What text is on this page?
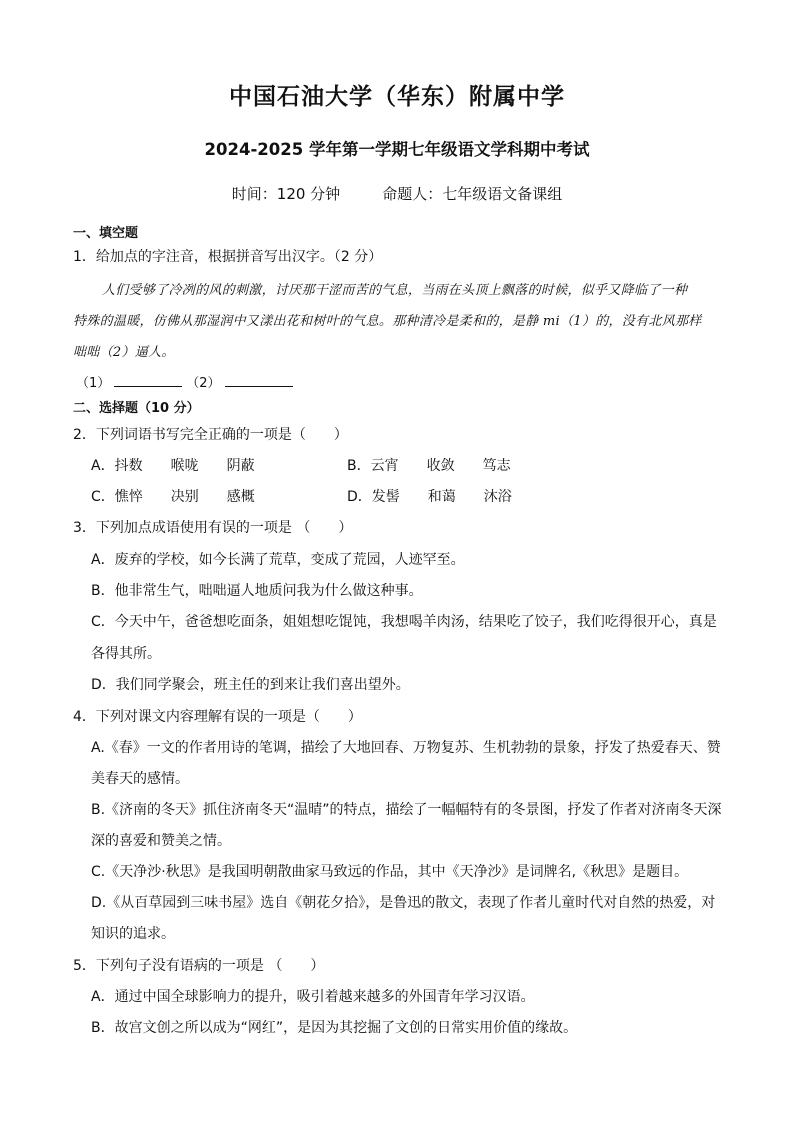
中国石油大学（华东）附属中学
2024-2025 学年第一学期七年级语文学科期中考试
时间：120 分钟	命题人：七年级语文备课组
一、填空题
1．给加点的字注音，根据拼音写出汉字。（2 分）
人们受够了冷冽的风的刺激，讨厌那干涩而苦的气息，当雨在头顶上飘落的时候，似乎又降临了一种
特殊的温暖，仿佛从那湿润中又漾出花和树叶的气息。那种清冷是柔和的，是静 mi（1）的，没有北风那样
咄咄（2）逼人。
（1）	（2）
二、选择题（10 分）
2．下列词语书写完全正确的一项是（　　）
A．抖数　　喉咙　　阴蔽	B．云宵　　收敛　　笃志
C．憔悴　　决别　　感概	D．发髻　　和蔼　　沐浴
3．下列加点成语使用有误的一项是 （　　）
A．废弃的学校，如今长满了荒草，变成了荒园，人迹罕至。
B．他非常生气，咄咄逼人地质问我为什么做这种事。
C．今天中午，爸爸想吃面条，姐姐想吃馄饨，我想喝羊肉汤，结果吃了饺子，我们吃得很开心，真是
各得其所。
D．我们同学聚会，班主任的到来让我们喜出望外。
4．下列对课文内容理解有误的一项是（　　）
A.《春》一文的作者用诗的笔调，描绘了大地回春、万物复苏、生机勃勃的景象，抒发了热爱春天、赞
美春天的感情。
B.《济南的冬天》抓住济南冬天“温晴”的特点，描绘了一幅幅特有的冬景图，抒发了作者对济南冬天深
深的喜爱和赞美之情。
C.《天净沙·秋思》是我国明朝散曲家马致远的作品，其中《天净沙》是词牌名,《秋思》是题目。
D.《从百草园到三味书屋》选自《朝花夕拾》，是鲁迅的散文，表现了作者儿童时代对自然的热爱，对
知识的追求。
5．下列句子没有语病的一项是 （　　）
A．通过中国全球影响力的提升，吸引着越来越多的外国青年学习汉语。
B．故宫文创之所以成为“网红”，是因为其挖掘了文创的日常实用价值的缘故。
